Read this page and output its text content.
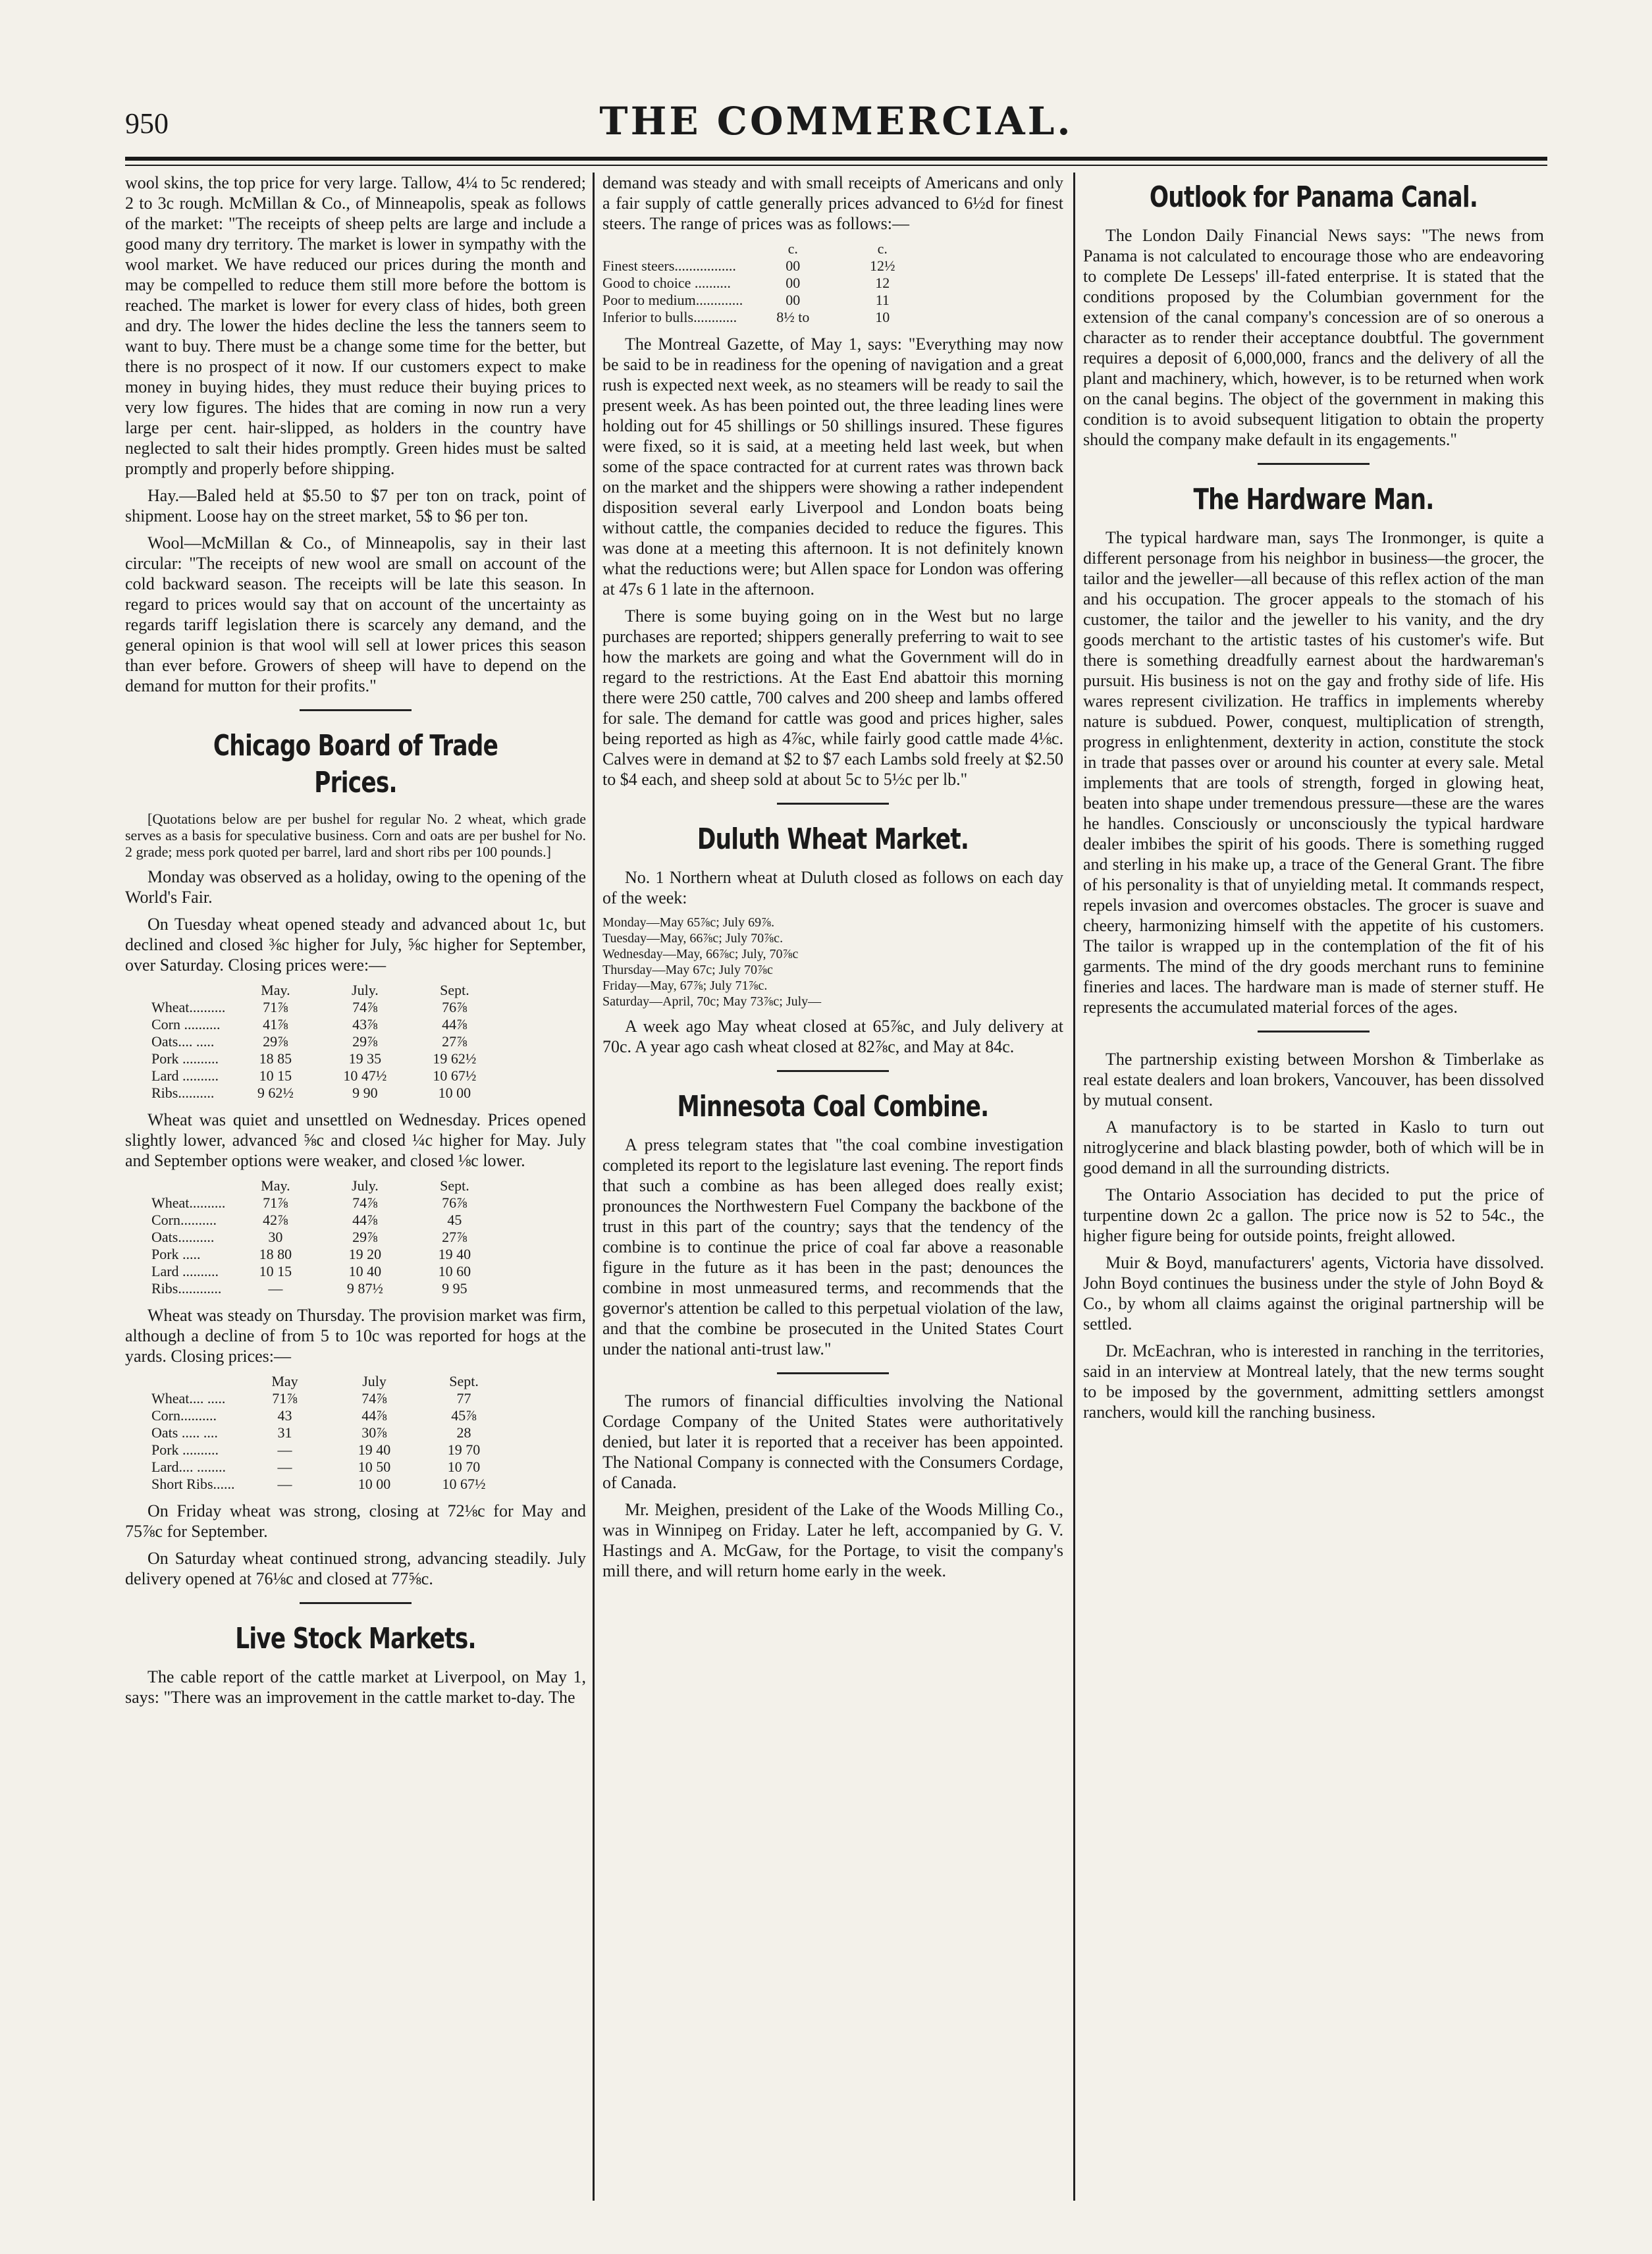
950	THE COMMERCIAL.

wool skins, the top price for very large. Tallow, 4¼ to 5c rendered; 2 to 3c rough. McMillan & Co., of Minneapolis, speak as follows of the market: "The receipts of sheep pelts are large and include a good many dry territory. The market is lower in sympathy with the wool market. We have reduced our prices during the month and may be compelled to reduce them still more before the bottom is reached. The market is lower for every class of hides, both green and dry. The lower the hides decline the less the tanners seem to want to buy. There must be a change some time for the better, but there is no prospect of it now. If our customers expect to make money in buying hides, they must reduce their buying prices to very low figures. The hides that are coming in now run a very large per cent. hair-slipped, as holders in the country have neglected to salt their hides promptly. Green hides must be salted promptly and properly before shipping.

Hay.—Baled held at $5.50 to $7 per ton on track, point of shipment. Loose hay on the street market, 5$ to $6 per ton.

Wool—McMillan & Co., of Minneapolis, say in their last circular: "The receipts of new wool are small on account of the cold backward season. The receipts will be late this season. In regard to prices would say that on account of the uncertainty as regards tariff legislation there is scarcely any demand, and the general opinion is that wool will sell at lower prices this season than ever before. Growers of sheep will have to depend on the demand for mutton for their profits."

Chicago Board of Trade Prices.

[Quotations below are per bushel for regular No. 2 wheat, which grade serves as a basis for speculative business. Corn and oats are per bushel for No. 2 grade; mess pork quoted per barrel, lard and short ribs per 100 pounds.]

Monday was observed as a holiday, owing to the opening of the World's Fair.

On Tuesday wheat opened steady and advanced about 1c, but declined and closed ⅜c higher for July, ⅝c higher for September, over Saturday. Closing prices were:—

	May.	July.	Sept.
Wheat..........	71⅞	74⅞	76⅞
Corn ..........	41⅞	43⅞	44⅞
Oats.... .....	29⅞	29⅞	27⅞
Pork ..........	18 85	19 35	19 62½
Lard ..........	10 15	10 47½	10 67½
Ribs..........	9 62½	9 90	10 00

Wheat was quiet and unsettled on Wednesday. Prices opened slightly lower, advanced ⅝c and closed ¼c higher for May. July and September options were weaker, and closed ⅛c lower.

	May.	July.	Sept.
Wheat..........	71⅞	74⅞	76⅞
Corn..........	42⅞	44⅞	45
Oats..........	30	29⅞	27⅞
Pork .....	18 80	19 20	19 40
Lard ..........	10 15	10 40	10 60
Ribs............	—	9 87½	9 95

Wheat was steady on Thursday. The provision market was firm, although a decline of from 5 to 10c was reported for hogs at the yards. Closing prices:—

	May	July	Sept.
Wheat.... .....	71⅞	74⅞	77
Corn..........	43	44⅞	45⅞
Oats ..... ....	31	30⅞	28
Pork ..........	—	19 40	19 70
Lard.... ........	—	10 50	10 70
Short Ribs......	—	10 00	10 67½

On Friday wheat was strong, closing at 72⅛c for May and 75⅞c for September.

On Saturday wheat continued strong, advancing steadily. July delivery opened at 76⅛c and closed at 77⅝c.

Live Stock Markets.

The cable report of the cattle market at Liverpool, on May 1, says: "There was an improvement in the cattle market to-day. The

demand was steady and with small receipts of Americans and only a fair supply of cattle generally prices advanced to 6½d for finest steers. The range of prices was as follows:—

	c.	c.
Finest steers.................	00	12½
Good to choice ..........	00	12
Poor to medium.............	00	11
Inferior to bulls............	8½ to	10

The Montreal Gazette, of May 1, says: "Everything may now be said to be in readiness for the opening of navigation and a great rush is expected next week, as no steamers will be ready to sail the present week. As has been pointed out, the three leading lines were holding out for 45 shillings or 50 shillings insured. These figures were fixed, so it is said, at a meeting held last week, but when some of the space contracted for at current rates was thrown back on the market and the shippers were showing a rather independent disposition several early Liverpool and London boats being without cattle, the companies decided to reduce the figures. This was done at a meeting this afternoon. It is not definitely known what the reductions were; but Allen space for London was offering at 47s 6 1 late in the afternoon.

There is some buying going on in the West but no large purchases are reported; shippers generally preferring to wait to see how the markets are going and what the Government will do in regard to the restrictions. At the East End abattoir this morning there were 250 cattle, 700 calves and 200 sheep and lambs offered for sale. The demand for cattle was good and prices higher, sales being reported as high as 4⅞c, while fairly good cattle made 4⅛c. Calves were in demand at $2 to $7 each Lambs sold freely at $2.50 to $4 each, and sheep sold at about 5c to 5½c per lb."

Duluth Wheat Market.

No. 1 Northern wheat at Duluth closed as follows on each day of the week:

Monday—May 65⅞c; July 69⅞.
Tuesday—May, 66⅞c; July 70⅞c.
Wednesday—May, 66⅞c; July, 70⅞c
Thursday—May 67c; July 70⅞c
Friday—May, 67⅞; July 71⅞c.
Saturday—April, 70c; May 73⅞c; July—

A week ago May wheat closed at 65⅞c, and July delivery at 70c. A year ago cash wheat closed at 82⅞c, and May at 84c.

Minnesota Coal Combine.

A press telegram states that "the coal combine investigation completed its report to the legislature last evening. The report finds that such a combine as has been alleged does really exist; pronounces the Northwestern Fuel Company the backbone of the trust in this part of the country; says that the tendency of the combine is to continue the price of coal far above a reasonable figure in the future as it has been in the past; denounces the combine in most unmeasured terms, and recommends that the governor's attention be called to this perpetual violation of the law, and that the combine be prosecuted in the United States Court under the national anti-trust law."

The rumors of financial difficulties involving the National Cordage Company of the United States were authoritatively denied, but later it is reported that a receiver has been appointed. The National Company is connected with the Consumers Cordage, of Canada.

Mr. Meighen, president of the Lake of the Woods Milling Co., was in Winnipeg on Friday. Later he left, accompanied by G. V. Hastings and A. McGaw, for the Portage, to visit the company's mill there, and will return home early in the week.

Outlook for Panama Canal.

The London Daily Financial News says: "The news from Panama is not calculated to encourage those who are endeavoring to complete De Lesseps' ill-fated enterprise. It is stated that the conditions proposed by the Columbian government for the extension of the canal company's concession are of so onerous a character as to render their acceptance doubtful. The government requires a deposit of 6,000,000, francs and the delivery of all the plant and machinery, which, however, is to be returned when work on the canal begins. The object of the government in making this condition is to avoid subsequent litigation to obtain the property should the company make default in its engagements."

The Hardware Man.

The typical hardware man, says The Ironmonger, is quite a different personage from his neighbor in business—the grocer, the tailor and the jeweller—all because of this reflex action of the man and his occupation. The grocer appeals to the stomach of his customer, the tailor and the jeweller to his vanity, and the dry goods merchant to the artistic tastes of his customer's wife. But there is something dreadfully earnest about the hardwareman's pursuit. His business is not on the gay and frothy side of life. His wares represent civilization. He traffics in implements whereby nature is subdued. Power, conquest, multiplication of strength, progress in enlightenment, dexterity in action, constitute the stock in trade that passes over or around his counter at every sale. Metal implements that are tools of strength, forged in glowing heat, beaten into shape under tremendous pressure—these are the wares he handles. Consciously or unconsciously the typical hardware dealer imbibes the spirit of his goods. There is something rugged and sterling in his make up, a trace of the General Grant. The fibre of his personality is that of unyielding metal. It commands respect, repels invasion and overcomes obstacles. The grocer is suave and cheery, harmonizing himself with the appetite of his customers. The tailor is wrapped up in the contemplation of the fit of his garments. The mind of the dry goods merchant runs to feminine fineries and laces. The hardware man is made of sterner stuff. He represents the accumulated material forces of the ages.

The partnership existing between Morshon & Timberlake as real estate dealers and loan brokers, Vancouver, has been dissolved by mutual consent.

A manufactory is to be started in Kaslo to turn out nitroglycerine and black blasting powder, both of which will be in good demand in all the surrounding districts.

The Ontario Association has decided to put the price of turpentine down 2c a gallon. The price now is 52 to 54c., the higher figure being for outside points, freight allowed.

Muir & Boyd, manufacturers' agents, Victoria have dissolved. John Boyd continues the business under the style of John Boyd & Co., by whom all claims against the original partnership will be settled.

Dr. McEachran, who is interested in ranching in the territories, said in an interview at Montreal lately, that the new terms sought to be imposed by the government, admitting settlers amongst ranchers, would kill the ranching business.
